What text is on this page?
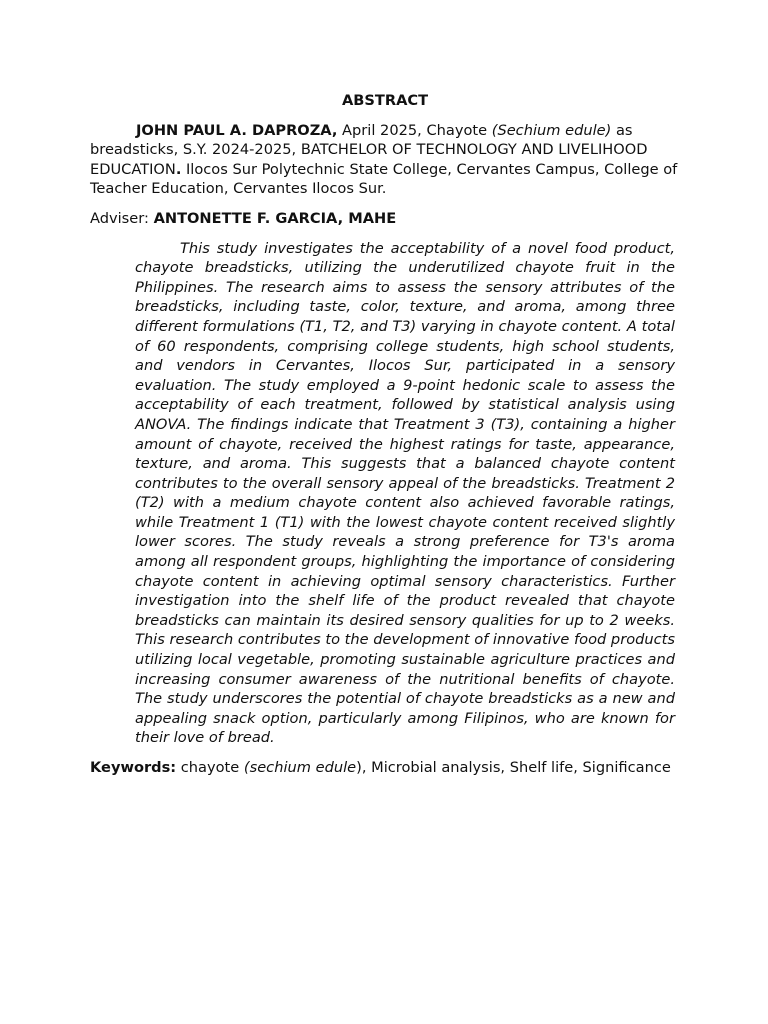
ABSTRACT

JOHN PAUL A. DAPROZA, April 2025, Chayote (Sechium edule) as breadsticks, S.Y. 2024-2025, BATCHELOR OF TECHNOLOGY AND LIVELIHOOD EDUCATION. Ilocos Sur Polytechnic State College, Cervantes Campus, College of Teacher Education, Cervantes Ilocos Sur.

Adviser: ANTONETTE F. GARCIA, MAHE

This study investigates the acceptability of a novel food product, chayote breadsticks, utilizing the underutilized chayote fruit in the Philippines. The research aims to assess the sensory attributes of the breadsticks, including taste, color, texture, and aroma, among three different formulations (T1, T2, and T3) varying in chayote content. A total of 60 respondents, comprising college students, high school students, and vendors in Cervantes, Ilocos Sur, participated in a sensory evaluation. The study employed a 9-point hedonic scale to assess the acceptability of each treatment, followed by statistical analysis using ANOVA. The findings indicate that Treatment 3 (T3), containing a higher amount of chayote, received the highest ratings for taste, appearance, texture, and aroma. This suggests that a balanced chayote content contributes to the overall sensory appeal of the breadsticks. Treatment 2 (T2) with a medium chayote content also achieved favorable ratings, while Treatment 1 (T1) with the lowest chayote content received slightly lower scores. The study reveals a strong preference for T3's aroma among all respondent groups, highlighting the importance of considering chayote content in achieving optimal sensory characteristics. Further investigation into the shelf life of the product revealed that chayote breadsticks can maintain its desired sensory qualities for up to 2 weeks. This research contributes to the development of innovative food products utilizing local vegetable, promoting sustainable agriculture practices and increasing consumer awareness of the nutritional benefits of chayote. The study underscores the potential of chayote breadsticks as a new and appealing snack option, particularly among Filipinos, who are known for their love of bread.

Keywords: chayote (sechium edule), Microbial analysis, Shelf life, Significance
